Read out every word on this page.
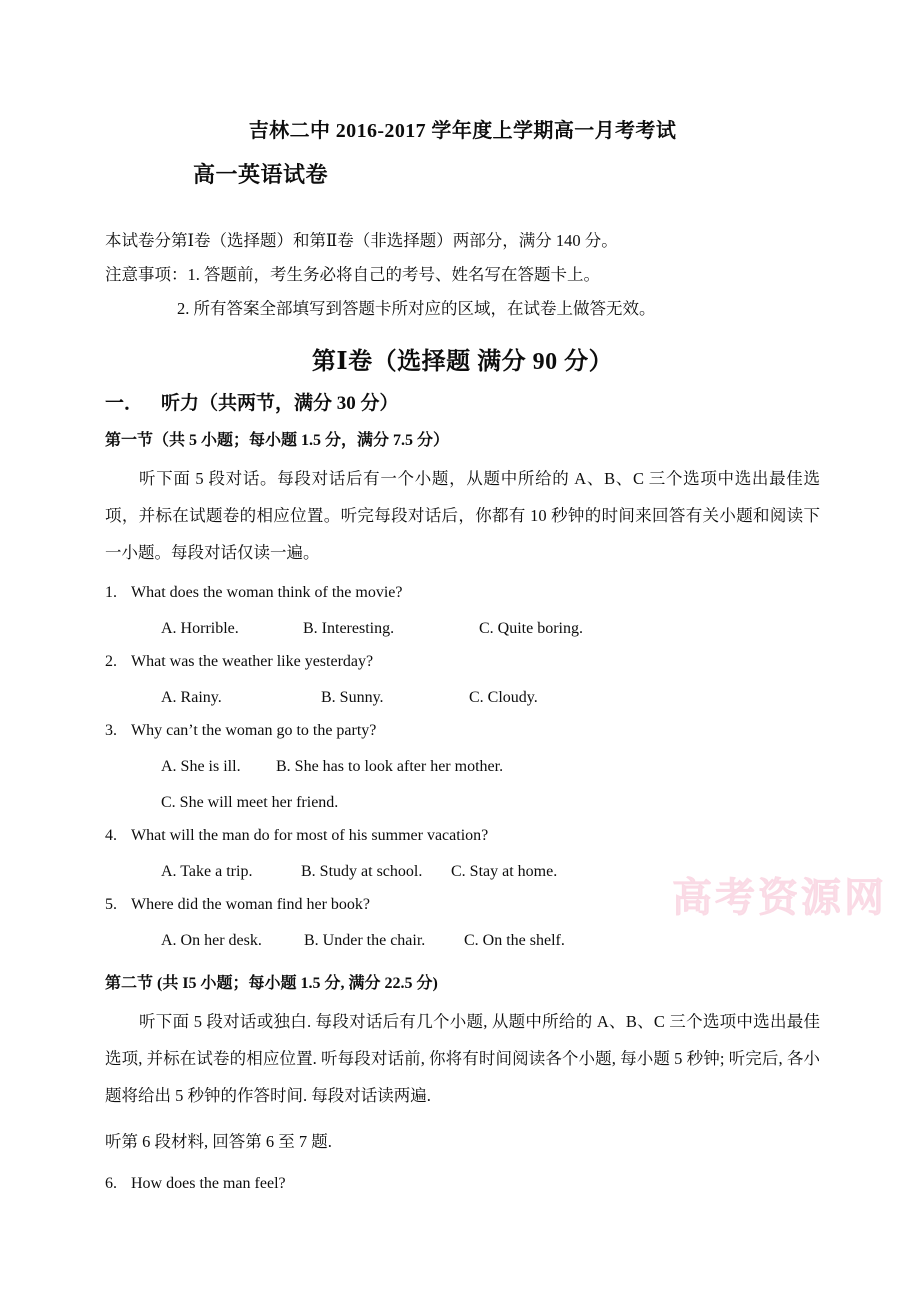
高考资源网
吉林二中 2016-2017 学年度上学期高一月考考试
高一英语试卷
本试卷分第Ⅰ卷（选择题）和第Ⅱ卷（非选择题）两部分，满分 140 分。
注意事项：1. 答题前，考生务必将自己的考号、姓名写在答题卡上。
2. 所有答案全部填写到答题卡所对应的区域，在试卷上做答无效。
第Ⅰ卷（选择题 满分 90 分）
一． 听力（共两节，满分 30 分）
第一节（共 5 小题；每小题 1.5 分，满分 7.5 分）

听下面 5 段对话。每段对话后有一个小题，从题中所给的 A、B、C 三个选项中选出最佳选项，并标在试题卷的相应位置。听完每段对话后，你都有 10 秒钟的时间来回答有关小题和阅读下一小题。每段对话仅读一遍。

1. What does the woman think of the movie?
A. Horrible.	B. Interesting.	C. Quite boring.
2. What was the weather like yesterday?
A. Rainy.	B. Sunny.	C. Cloudy.
3. Why can’t the woman go to the party?
A. She is ill. B. She has to look after her mother.
C. She will meet her friend.
4. What will the man do for most of his summer vacation?
A. Take a trip.	B. Study at school. C. Stay at home.
5. Where did the woman find her book?
A. On her desk.	B. Under the chair. C. On the shelf.
第二节 (共 I5 小题；每小题 1.5 分, 满分 22.5 分)

听下面 5 段对话或独白. 每段对话后有几个小题, 从题中所给的 A、B、C 三个选项中选出最佳选项, 并标在试卷的相应位置. 听每段对话前, 你将有时间阅读各个小题, 每小题 5 秒钟; 听完后, 各小题将给出 5 秒钟的作答时间. 每段对话读两遍.

听第 6 段材料, 回答第 6 至 7 题.

6. How does the man feel?
